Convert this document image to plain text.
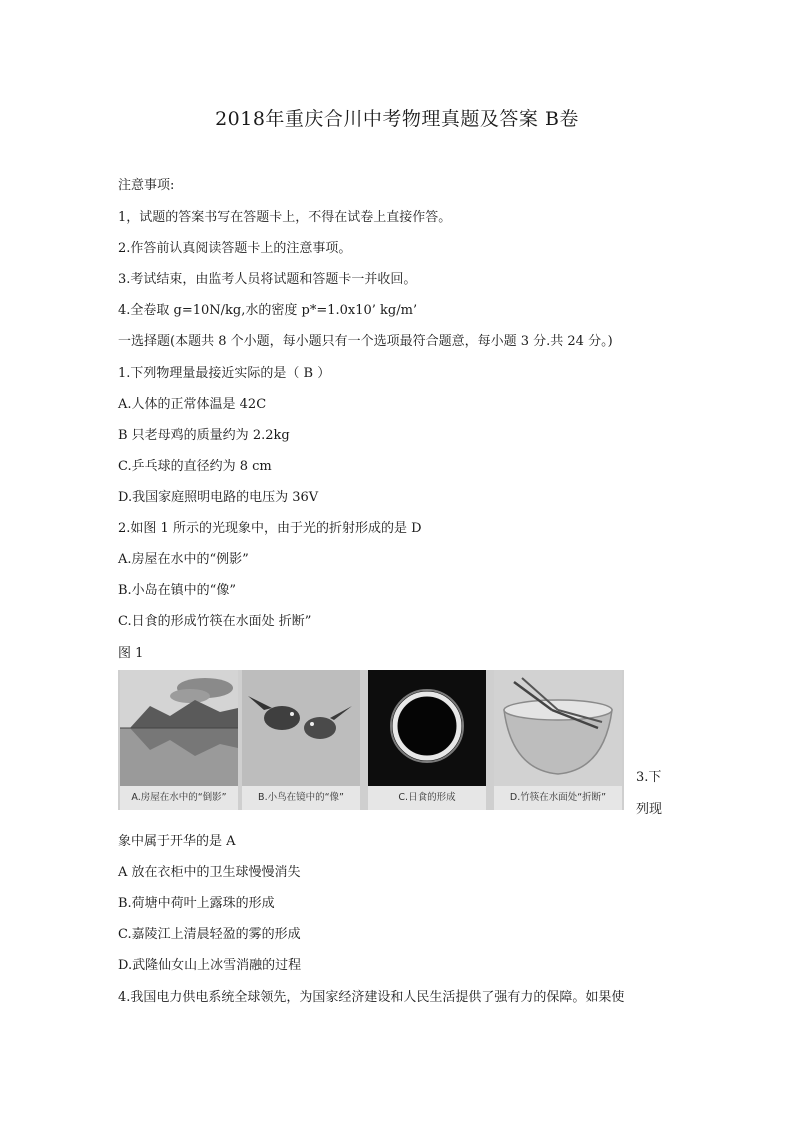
2018年重庆合川中考物理真题及答案 B卷
注意事项:
1，试题的答案书写在答题卡上，不得在试卷上直接作答。
2.作答前认真阅读答题卡上的注意事项。
3.考试结束，由监考人员将试题和答题卡一并收回。
4.全卷取 g=10N/kg,水的密度 p*=1.0x10’ kg/m’
一选择题(本题共 8 个小题，每小题只有一个选项最符合题意，每小题 3 分.共 24 分。)
1.下列物理量最接近实际的是（ B ）
A.人体的正常体温是 42C
B 只老母鸡的质量约为 2.2kg
C.乒乓球的直径约为 8 cm
D.我国家庭照明电路的电压为 36V
2.如图 1 所示的光现象中，由于光的折射形成的是 D
A.房屋在水中的“例影”
B.小岛在镇中的“像”
C.日食的形成竹筷在水面处 折断”
图 1
A.房屋在水中的“倒影”	B.小鸟在镜中的“像”	C.日食的形成	D.竹筷在水面处“折断”
3.下
列现
象中属于开华的是 A
A 放在衣柜中的卫生球慢慢消失
B.荷塘中荷叶上露珠的形成
C.嘉陵江上清晨轻盈的雾的形成
D.武隆仙女山上冰雪消融的过程
4.我国电力供电系统全球领先，为国家经济建设和人民生活提供了强有力的保障。如果使
